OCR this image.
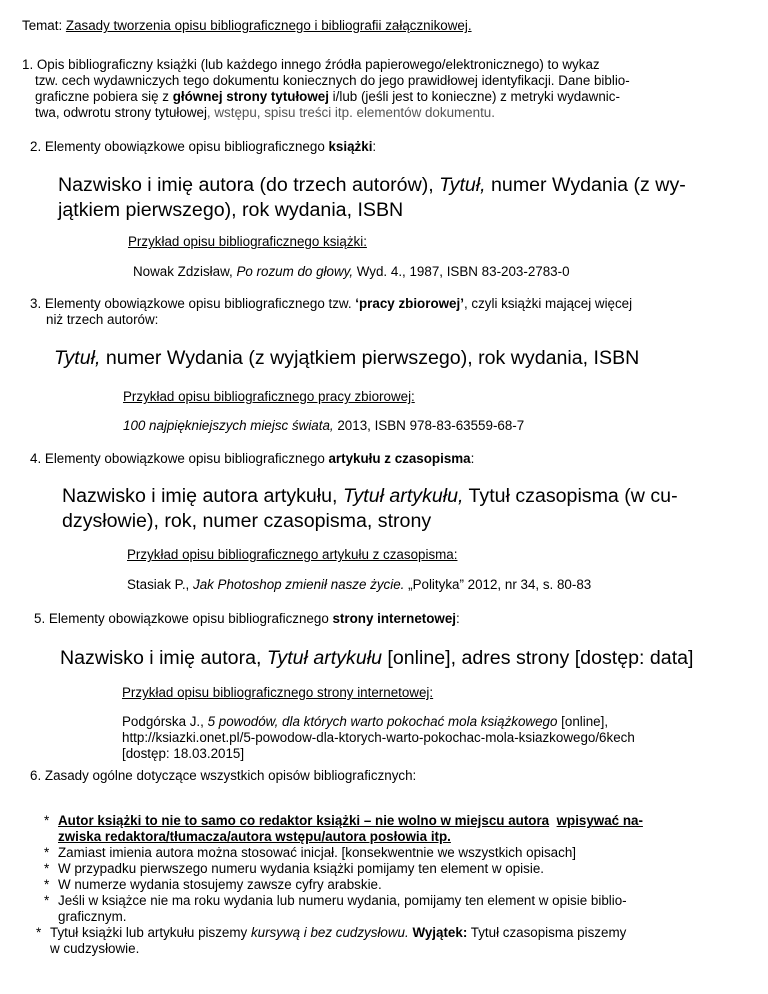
Temat: Zasady tworzenia opisu bibliograficznego i bibliografii załącznikowej.
1. Opis bibliograficzny książki (lub każdego innego źródła papierowego/elektronicznego) to wykaz
tzw. cech wydawniczych tego dokumentu koniecznych do jego prawidłowej identyfikacji. Dane biblio-
graficzne pobiera się z głównej strony tytułowej i/lub (jeśli jest to konieczne) z metryki wydawnic-
twa, odwrotu strony tytułowej, wstępu, spisu treści itp. elementów dokumentu.
2. Elementy obowiązkowe opisu bibliograficznego książki:
Nazwisko i imię autora (do trzech autorów), Tytuł, numer Wydania (z wy-
jątkiem pierwszego), rok wydania, ISBN
Przykład opisu bibliograficznego książki:
Nowak Zdzisław, Po rozum do głowy, Wyd. 4., 1987, ISBN 83-203-2783-0
3. Elementy obowiązkowe opisu bibliograficznego tzw. ‘pracy zbiorowej’, czyli książki mającej więcej
niż trzech autorów:
Tytuł, numer Wydania (z wyjątkiem pierwszego), rok wydania, ISBN
Przykład opisu bibliograficznego pracy zbiorowej:
100 najpiękniejszych miejsc świata, 2013, ISBN 978-83-63559-68-7
4. Elementy obowiązkowe opisu bibliograficznego artykułu z czasopisma:
Nazwisko i imię autora artykułu, Tytuł artykułu, Tytuł czasopisma (w cu-
dzysłowie), rok, numer czasopisma, strony
Przykład opisu bibliograficznego artykułu z czasopisma:
Stasiak P., Jak Photoshop zmienił nasze życie. „Polityka” 2012, nr 34, s. 80-83
5. Elementy obowiązkowe opisu bibliograficznego strony internetowej:
Nazwisko i imię autora, Tytuł artykułu [online], adres strony [dostęp: data]
Przykład opisu bibliograficznego strony internetowej:
Podgórska J., 5 powodów, dla których warto pokochać mola książkowego [online],
http://ksiazki.onet.pl/5-powodow-dla-ktorych-warto-pokochac-mola-ksiazkowego/6kech
[dostęp: 18.03.2015]
6. Zasady ogólne dotyczące wszystkich opisów bibliograficznych:
* Autor książki to nie to samo co redaktor książki – nie wolno w miejscu autora wpisywać na-
zwiska redaktora/tłumacza/autora wstępu/autora posłowia itp.
* Zamiast imienia autora można stosować inicjał. [konsekwentnie we wszystkich opisach]
* W przypadku pierwszego numeru wydania książki pomijamy ten element w opisie.
* W numerze wydania stosujemy zawsze cyfry arabskie.
* Jeśli w książce nie ma roku wydania lub numeru wydania, pomijamy ten element w opisie biblio-
graficznym.
* Tytuł książki lub artykułu piszemy kursywą i bez cudzysłowu. Wyjątek: Tytuł czasopisma piszemy
w cudzysłowie.
